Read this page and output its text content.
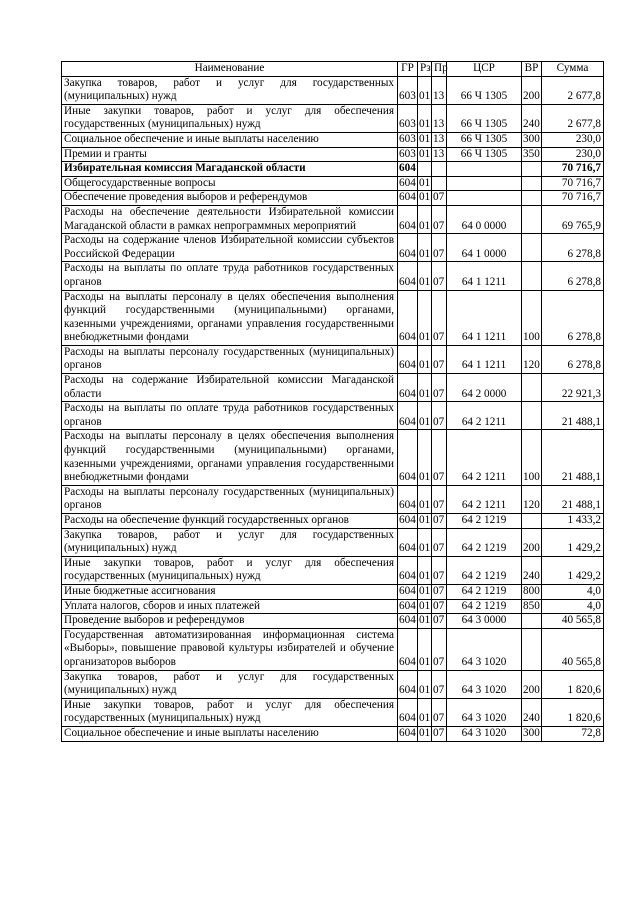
Наименование	ГР	Рз	Пр	ЦСР	ВР	Сумма
Закупка товаров, работ и услуг для государственных (муниципальных) нужд	603	01	13	66 Ч 1305	200	2 677,8
Иные закупки товаров, работ и услуг для обеспечения государственных (муниципальных) нужд	603	01	13	66 Ч 1305	240	2 677,8
Социальное обеспечение и иные выплаты населению	603	01	13	66 Ч 1305	300	230,0
Премии и гранты	603	01	13	66 Ч 1305	350	230,0
Избирательная комиссия Магаданской области	604					70 716,7
Общегосударственные вопросы	604	01				70 716,7
Обеспечение проведения выборов и референдумов	604	01	07			70 716,7
Расходы на обеспечение деятельности Избирательной комиссии Магаданской области в рамках непрограммных мероприятий	604	01	07	64 0 0000		69 765,9
Расходы на содержание членов Избирательной комиссии субъектов Российской Федерации	604	01	07	64 1 0000		6 278,8
Расходы на выплаты по оплате труда работников государственных органов	604	01	07	64 1 1211		6 278,8
Расходы на выплаты персоналу в целях обеспечения выполнения функций государственными (муниципальными) органами, казенными учреждениями, органами управления государственными внебюджетными фондами	604	01	07	64 1 1211	100	6 278,8
Расходы на выплаты персоналу государственных (муниципальных) органов	604	01	07	64 1 1211	120	6 278,8
Расходы на содержание Избирательной комиссии Магаданской области	604	01	07	64 2 0000		22 921,3
Расходы на выплаты по оплате труда работников государственных органов	604	01	07	64 2 1211		21 488,1
Расходы на выплаты персоналу в целях обеспечения выполнения функций государственными (муниципальными) органами, казенными учреждениями, органами управления государственными внебюджетными фондами	604	01	07	64 2 1211	100	21 488,1
Расходы на выплаты персоналу государственных (муниципальных) органов	604	01	07	64 2 1211	120	21 488,1
Расходы на обеспечение функций государственных органов	604	01	07	64 2 1219		1 433,2
Закупка товаров, работ и услуг для государственных (муниципальных) нужд	604	01	07	64 2 1219	200	1 429,2
Иные закупки товаров, работ и услуг для обеспечения государственных (муниципальных) нужд	604	01	07	64 2 1219	240	1 429,2
Иные бюджетные ассигнования	604	01	07	64 2 1219	800	4,0
Уплата налогов, сборов и иных платежей	604	01	07	64 2 1219	850	4,0
Проведение выборов и референдумов	604	01	07	64 3 0000		40 565,8
Государственная автоматизированная информационная система «Выборы», повышение правовой культуры избирателей и обучение организаторов выборов	604	01	07	64 3 1020		40 565,8
Закупка товаров, работ и услуг для государственных (муниципальных) нужд	604	01	07	64 3 1020	200	1 820,6
Иные закупки товаров, работ и услуг для обеспечения государственных (муниципальных) нужд	604	01	07	64 3 1020	240	1 820,6
Социальное обеспечение и иные выплаты населению	604	01	07	64 3 1020	300	72,8
